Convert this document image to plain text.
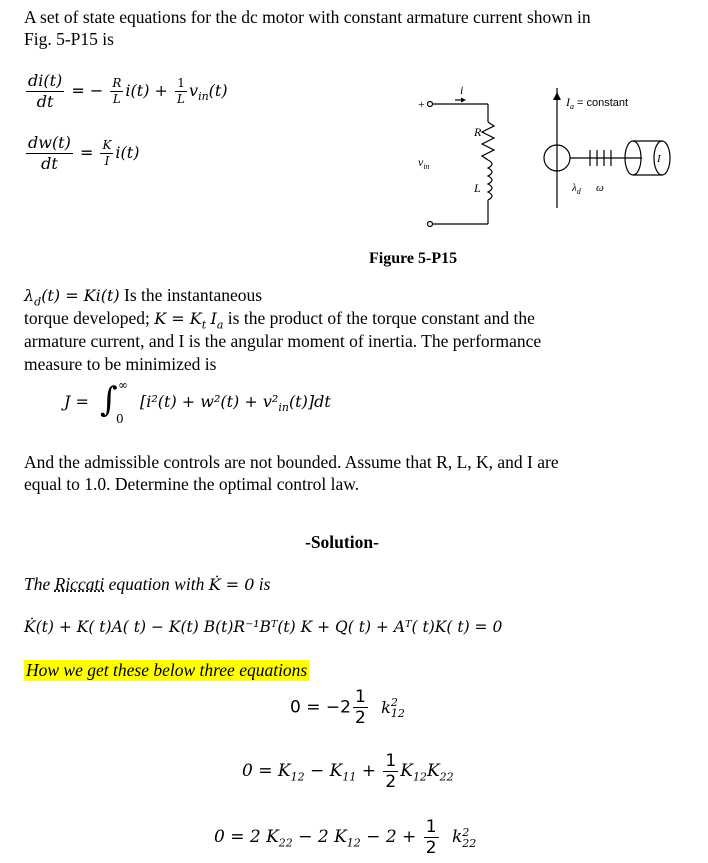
A set of state equations for the dc motor with constant armature current shown in
Fig. 5-P15 is
$\frac{di(t)}{dt}$ = − $\frac{R}{L} i(t) + \frac{1}{L} v_{in}(t)$
$\frac{dw(t)}{dt} = \frac{K}{I} i(t)$
i
+
R
$v_{in}$
L
$I_a$ = constant
I
$\lambda_d$ ω
Figure 5-P15
$\lambda_d(t) = Ki(t)$ Is the instantaneous
torque developed; $K = K_t$ $I_a$ is the product of the torque constant and the
armature current, and I is the angular moment of inertia. The performance
measure to be minimized is
J = ∫ ∞
0
$[i^2(t) + w^2(t) + v^2_{in}(t)]dt$
And the admissible controls are not bounded. Assume that R, L, K, and I are
equal to 1.0. Determine the optimal control law.
-Solution-
The Riccati equation with K̇ = 0 is
K̇(t) + K( t)A( t) − K(t) B(t)R⁻¹Bᵀ(t) K + Q( t) + Aᵀ( t)K( t) = 0
How we get these below three equations
$0 = -2 \frac{1}{2}$ k 2
12
$0 = K_{12} - K_{11} + \frac{1}{2} K_{12}K_{22}$
0 = 2 $K_{22} - 2$ $K_{12} - 2 + \frac{1}{2}$ k 2
22
